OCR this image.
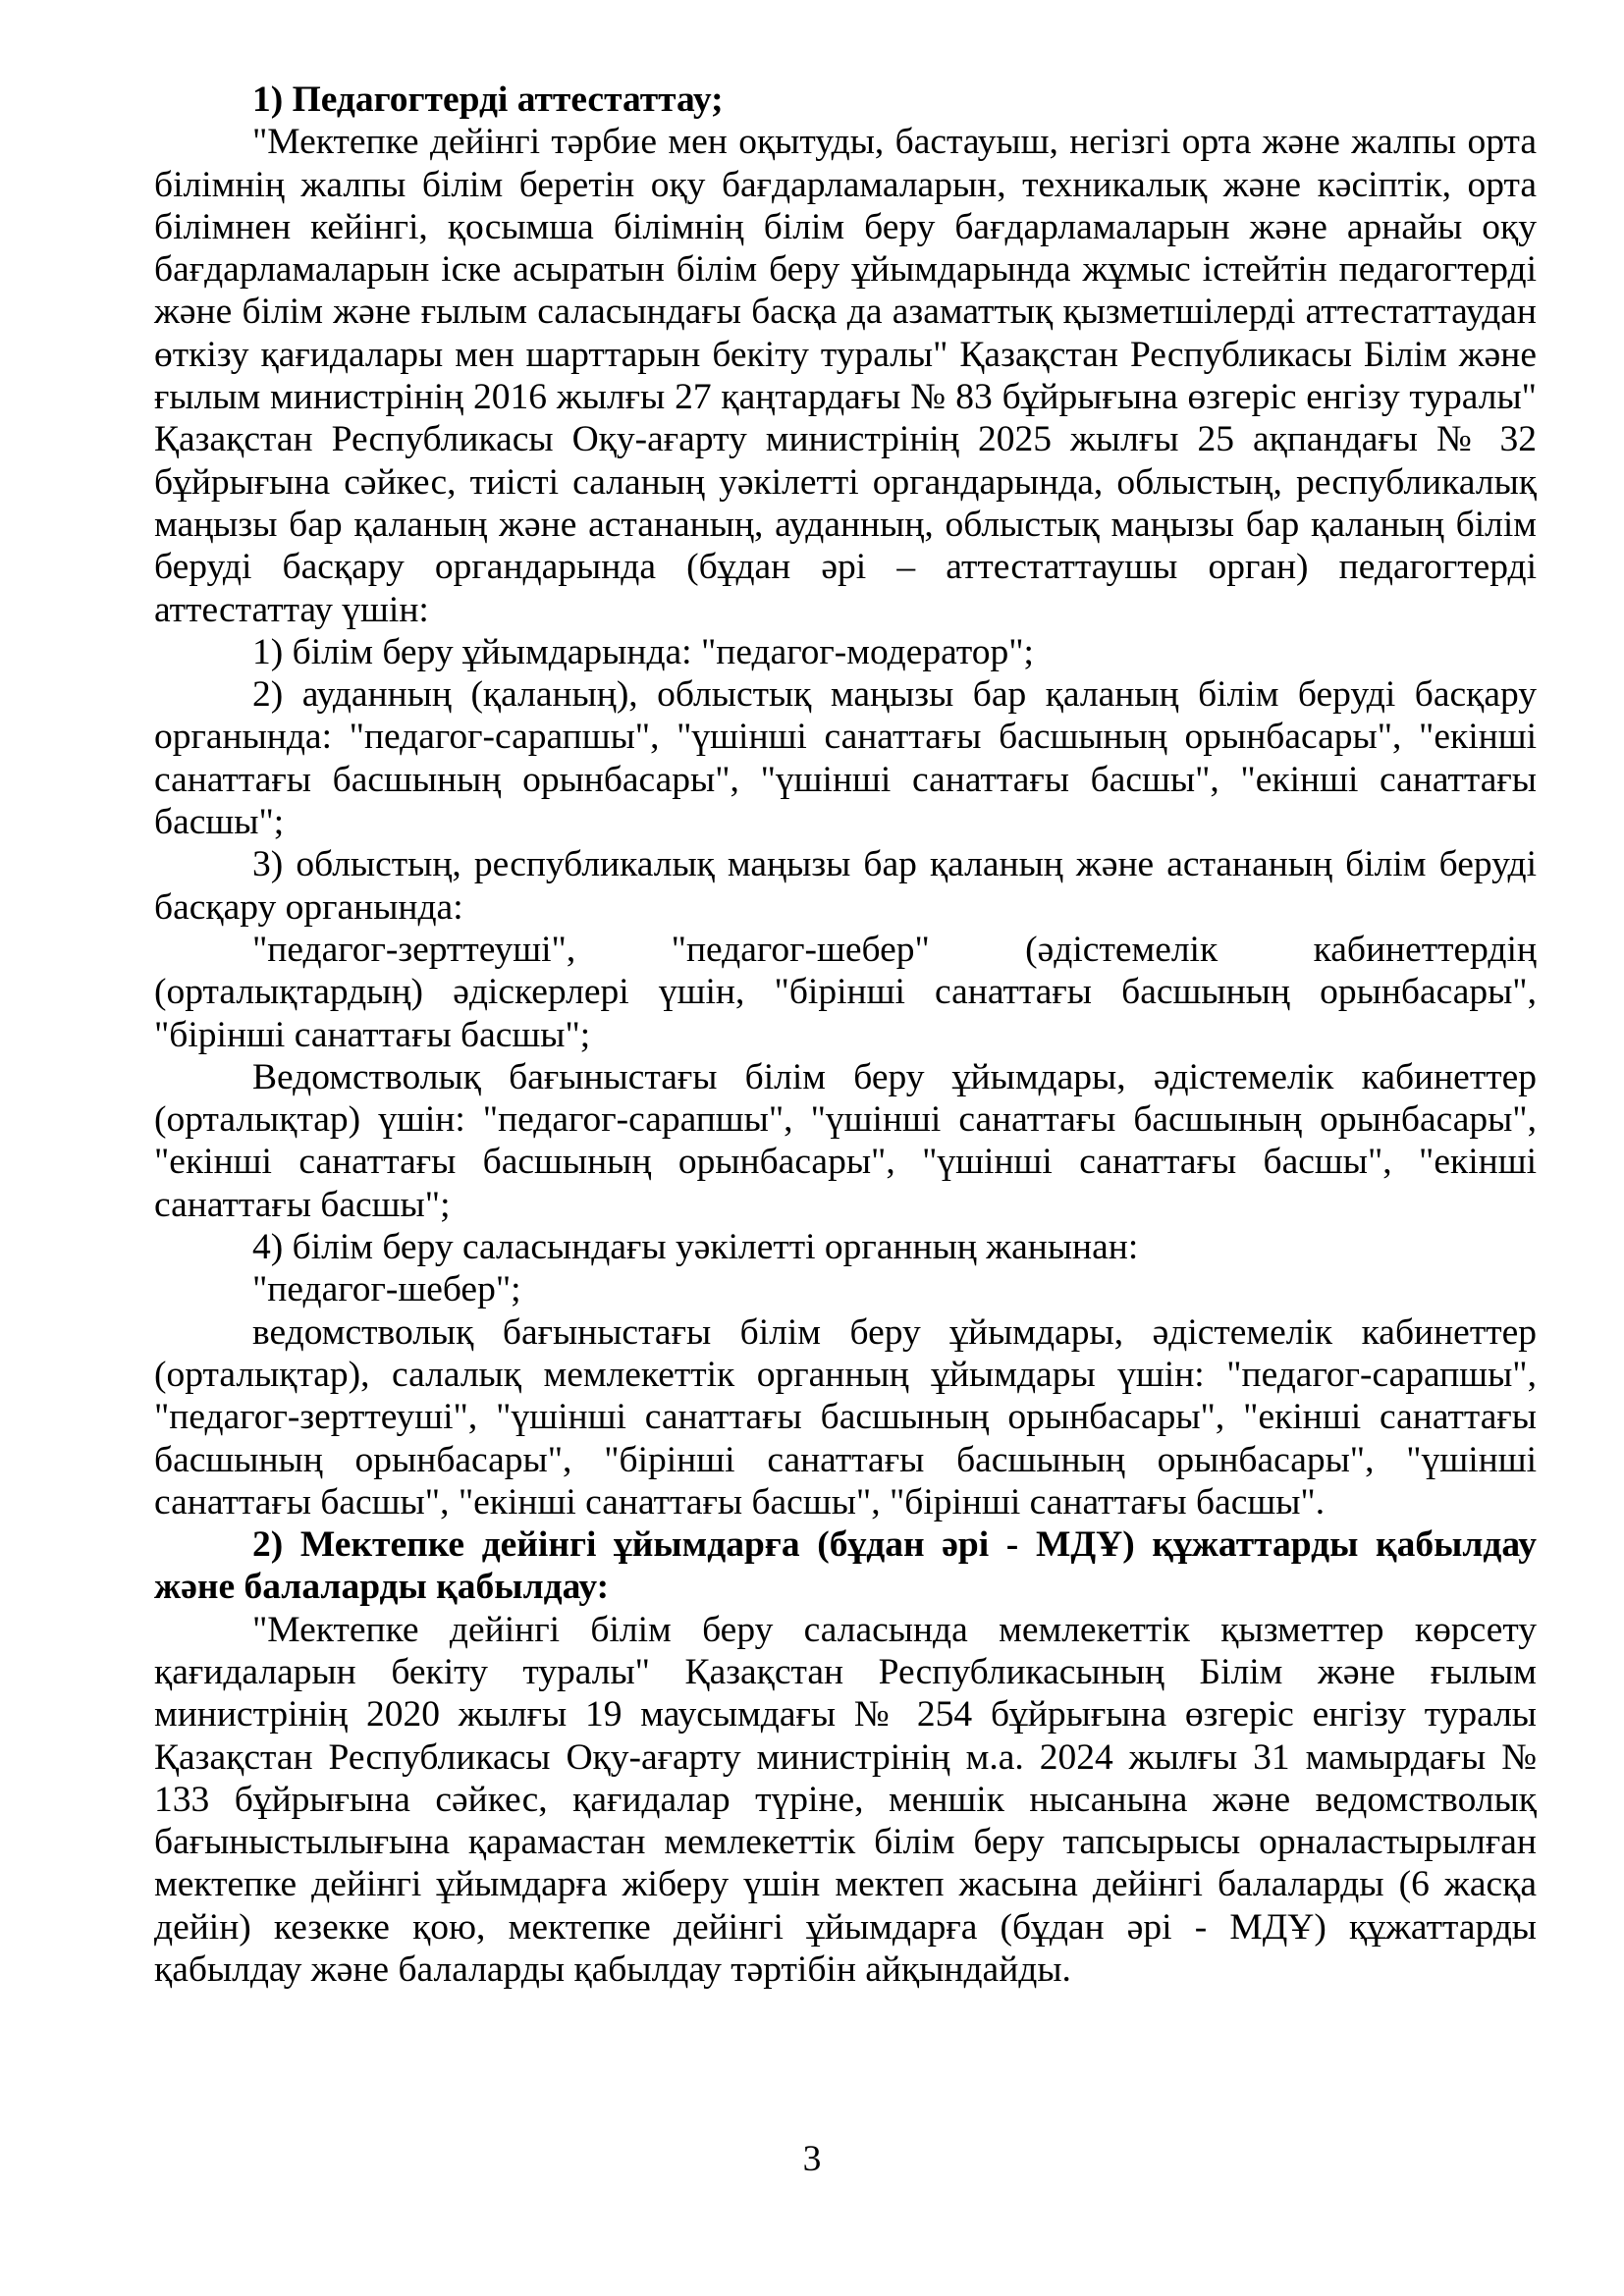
1) Педагогтерді аттестаттау;

"Мектепке дейінгі тәрбие мен оқытуды, бастауыш, негізгі орта және жалпы орта білімнің жалпы білім беретін оқу бағдарламаларын, техникалық және кәсіптік, орта білімнен кейінгі, қосымша білімнің білім беру бағдарламаларын және арнайы оқу бағдарламаларын іске асыратын білім беру ұйымдарында жұмыс істейтін педагогтерді және білім және ғылым саласындағы басқа да азаматтық қызметшілерді аттестаттаудан өткізу қағидалары мен шарттарын бекіту туралы" Қазақстан Республикасы Білім және ғылым министрінің 2016 жылғы 27 қаңтардағы № 83 бұйрығына өзгеріс енгізу туралы" Қазақстан Республикасы Оқу-ағарту министрінің 2025 жылғы 25 ақпандағы № 32 бұйрығына сәйкес, тиісті саланың уәкілетті органдарында, облыстың, республикалық маңызы бар қаланың және астананың, ауданның, облыстық маңызы бар қаланың білім беруді басқару органдарында (бұдан әрі – аттестаттаушы орган) педагогтерді аттестаттау үшін:

1) білім беру ұйымдарында: "педагог-модератор";

2) ауданның (қаланың), облыстық маңызы бар қаланың білім беруді басқару органында: "педагог-сарапшы", "үшінші санаттағы басшының орынбасары", "екінші санаттағы басшының орынбасары", "үшінші санаттағы басшы", "екінші санаттағы басшы";

3) облыстың, республикалық маңызы бар қаланың және астананың білім беруді басқару органында:

"педагог-зерттеуші", "педагог-шебер" (әдістемелік кабинеттердің (орталықтардың) әдіскерлері үшін, "бірінші санаттағы басшының орынбасары", "бірінші санаттағы басшы";

Ведомстволық бағыныстағы білім беру ұйымдары, әдістемелік кабинеттер (орталықтар) үшін: "педагог-сарапшы", "үшінші санаттағы басшының орынбасары", "екінші санаттағы басшының орынбасары", "үшінші санаттағы басшы", "екінші санаттағы басшы";

4) білім беру саласындағы уәкілетті органның жанынан:

"педагог-шебер";

ведомстволық бағыныстағы білім беру ұйымдары, әдістемелік кабинеттер (орталықтар), салалық мемлекеттік органның ұйымдары үшін: "педагог-сарапшы", "педагог-зерттеуші", "үшінші санаттағы басшының орынбасары", "екінші санаттағы басшының орынбасары", "бірінші санаттағы басшының орынбасары", "үшінші санаттағы басшы", "екінші санаттағы басшы", "бірінші санаттағы басшы".

2) Мектепке дейінгі ұйымдарға (бұдан әрі - МДҰ) құжаттарды қабылдау және балаларды қабылдау:

"Мектепке дейінгі білім беру саласында мемлекеттік қызметтер көрсету қағидаларын бекіту туралы" Қазақстан Республикасының Білім және ғылым министрінің 2020 жылғы 19 маусымдағы № 254 бұйрығына өзгеріс енгізу туралы Қазақстан Республикасы Оқу-ағарту министрінің м.а. 2024 жылғы 31 мамырдағы № 133 бұйрығына сәйкес, қағидалар түріне, меншік нысанына және ведомстволық бағыныстылығына қарамастан мемлекеттік білім беру тапсырысы орналастырылған мектепке дейінгі ұйымдарға жіберу үшін мектеп жасына дейінгі балаларды (6 жасқа дейін) кезекке қою, мектепке дейінгі ұйымдарға (бұдан әрі - МДҰ) құжаттарды қабылдау және балаларды қабылдау тәртібін айқындайды.

3
